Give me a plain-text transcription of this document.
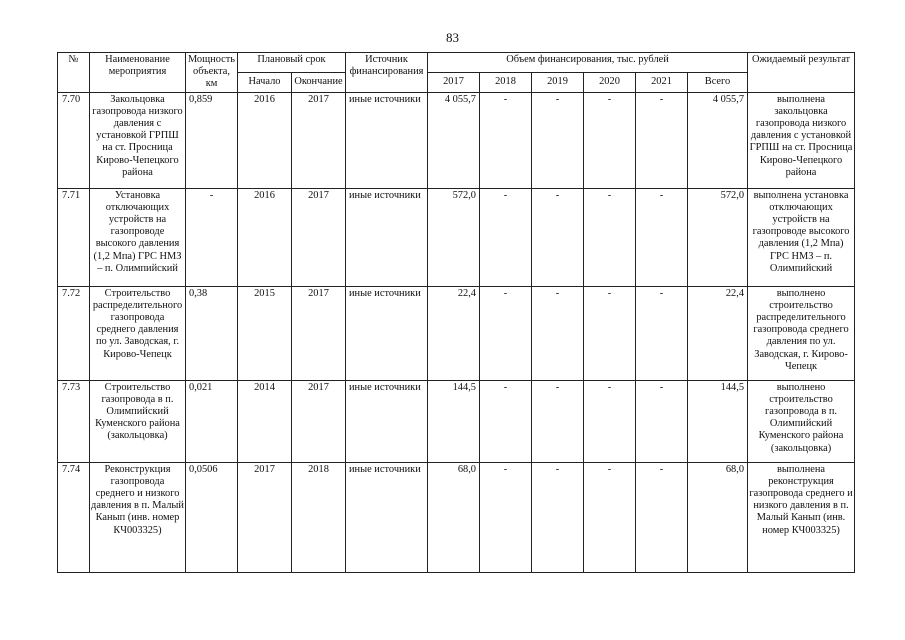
83
№	Наименование мероприятия	Мощность объекта, км	Плановый срок		Источник финансирования	Объем финансирования, тыс. рублей						Ожидаемый результат
			Начало	Окончание		2017	2018	2019	2020	2021	Всего	
7.70	Закольцовка газопровода низкого давления с установкой ГРПШ на ст. Просница Кирово-Чепецкого района	0,859	2016	2017	иные источники	4 055,7	-	-	-	-	4 055,7	выполнена закольцовка газопровода низкого давления с установкой ГРПШ на ст. Просница Кирово-Чепецкого района
7.71	Установка отключающих устройств на газопроводе высокого давления (1,2 Мпа) ГРС НМЗ – п. Олимпийский	-	2016	2017	иные источники	572,0	-	-	-	-	572,0	выполнена установка отключающих устройств на газопроводе высокого давления (1,2 Мпа) ГРС НМЗ – п. Олимпийский
7.72	Строительство распределительного газопровода среднего давления по ул. Заводская, г. Кирово-Чепецк	0,38	2015	2017	иные источники	22,4	-	-	-	-	22,4	выполнено строительство распределительного газопровода среднего давления по ул. Заводская, г. Кирово-Чепецк
7.73	Строительство газопровода в п. Олимпийский Куменского района (закольцовка)	0,021	2014	2017	иные источники	144,5	-	-	-	-	144,5	выполнено строительство газопровода в п. Олимпийский Куменского района (закольцовка)
7.74	Реконструкция газопровода среднего и низкого давления в п. Малый Канып (инв. номер КЧ003325)	0,0506	2017	2018	иные источники	68,0	-	-	-	-	68,0	выполнена реконструкция газопровода среднего и низкого давления в п. Малый Канып (инв. номер КЧ003325)
